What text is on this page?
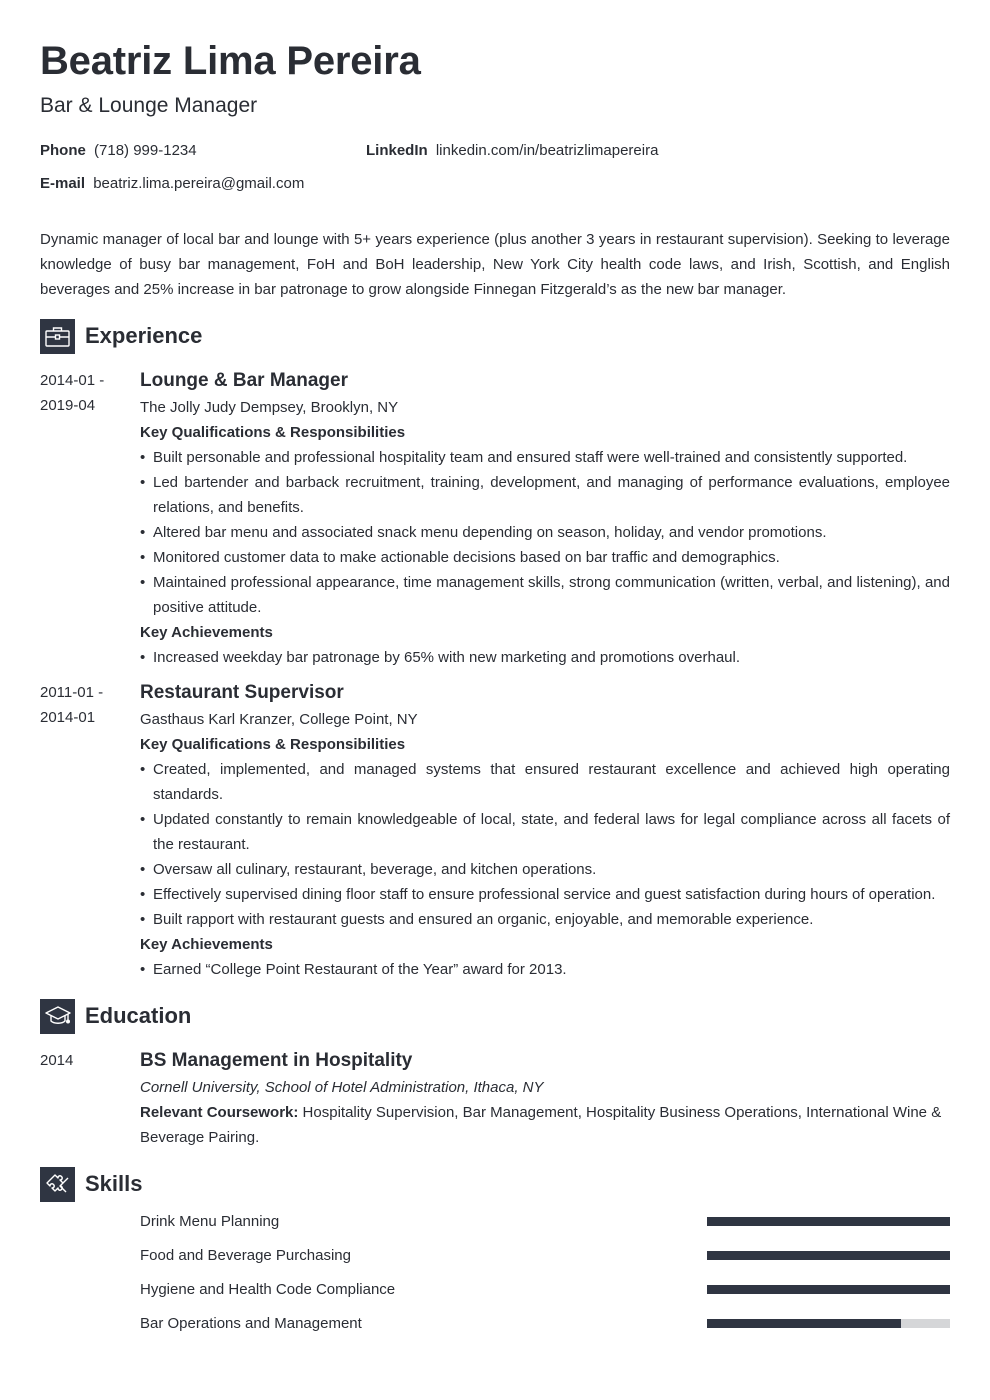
Beatriz Lima Pereira
Bar & Lounge Manager
Phone (718) 999-1234	LinkedIn linkedin.com/in/beatrizlimapereira
E-mail beatriz.lima.pereira@gmail.com

Dynamic manager of local bar and lounge with 5+ years experience (plus another 3 years in restaurant supervision). Seeking to leverage knowledge of busy bar management, FoH and BoH leadership, New York City health code laws, and Irish, Scottish, and English beverages and 25% increase in bar patronage to grow alongside Finnegan Fitzgerald’s as the new bar manager.

Experience
2014-01 -
2019-04
Lounge & Bar Manager
The Jolly Judy Dempsey, Brooklyn, NY
Key Qualifications & Responsibilities
• Built personable and professional hospitality team and ensured staff were well-trained and consistently supported.
• Led bartender and barback recruitment, training, development, and managing of performance evaluations, employee relations, and benefits.
• Altered bar menu and associated snack menu depending on season, holiday, and vendor promotions.
• Monitored customer data to make actionable decisions based on bar traffic and demographics.
• Maintained professional appearance, time management skills, strong communication (written, verbal, and listening), and positive attitude.
Key Achievements
• Increased weekday bar patronage by 65% with new marketing and promotions overhaul.
2011-01 -
2014-01
Restaurant Supervisor
Gasthaus Karl Kranzer, College Point, NY
Key Qualifications & Responsibilities
• Created, implemented, and managed systems that ensured restaurant excellence and achieved high operating standards.
• Updated constantly to remain knowledgeable of local, state, and federal laws for legal compliance across all facets of the restaurant.
• Oversaw all culinary, restaurant, beverage, and kitchen operations.
• Effectively supervised dining floor staff to ensure professional service and guest satisfaction during hours of operation.
• Built rapport with restaurant guests and ensured an organic, enjoyable, and memorable experience.
Key Achievements
• Earned “College Point Restaurant of the Year” award for 2013.
Education
2014	BS Management in Hospitality
Cornell University, School of Hotel Administration, Ithaca, NY
Relevant Coursework: Hospitality Supervision, Bar Management, Hospitality Business Operations, International Wine & Beverage Pairing.
Skills
Drink Menu Planning
Food and Beverage Purchasing
Hygiene and Health Code Compliance
Bar Operations and Management
